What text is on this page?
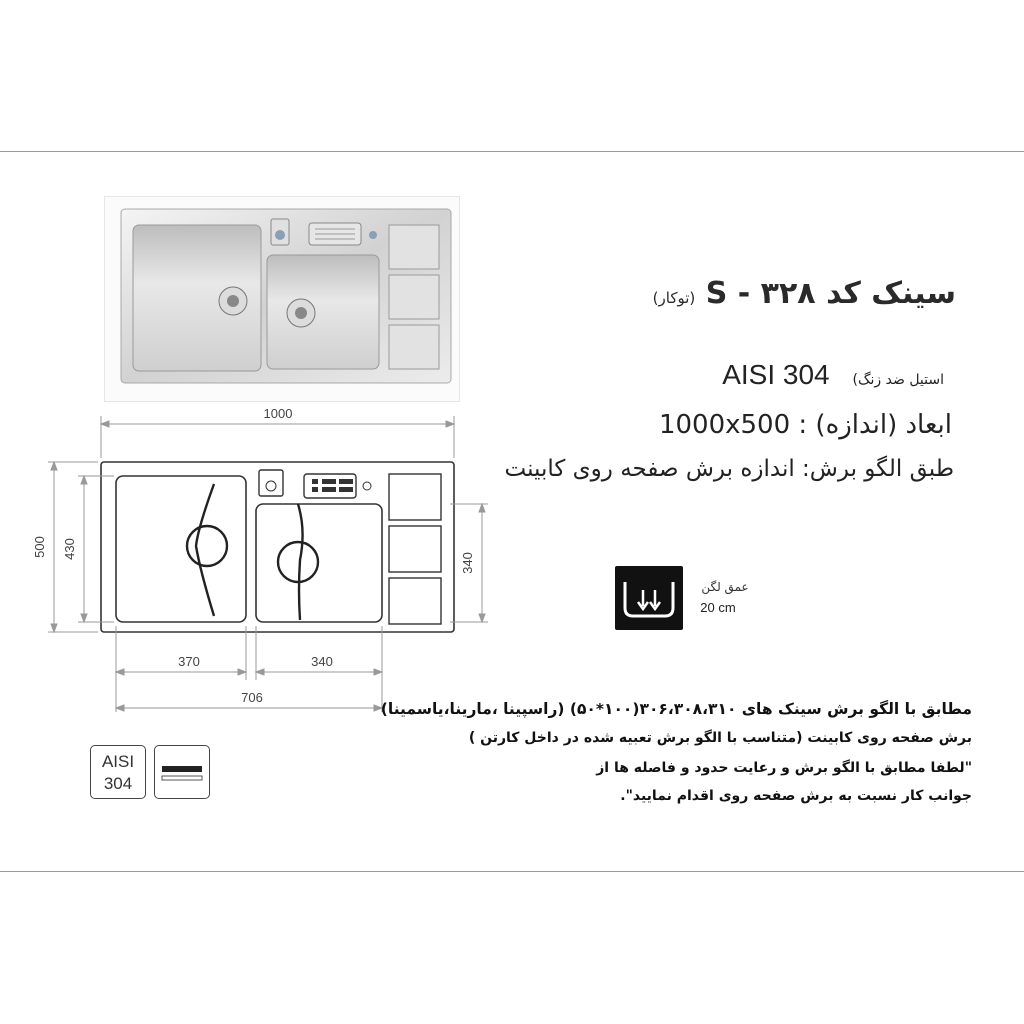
1000
500 430
340
370	340
706
سینک کد S - ۳۲۸ (توکار)
AISI 304 (استیل ضد زنگ
1000x500 : ابعاد (اندازه)
طبق الگو برش: اندازه برش صفحه روی کابینت
عمق لگن
20 cm
مطابق با الگو برش سینک های ۳۰۶،۳۰۸،۳۱۰(۱۰۰*۵۰) (راسپینا ،مارینا،یاسمینا)
برش صفحه روی کابینت (متناسب با الگو برش تعبیه شده در داخل کارتن )
"لطفا مطابق با الگو برش و رعایت حدود و فاصله ها از
جوانب کار نسبت به برش صفحه روی اقدام نمایید".
AISI
304
